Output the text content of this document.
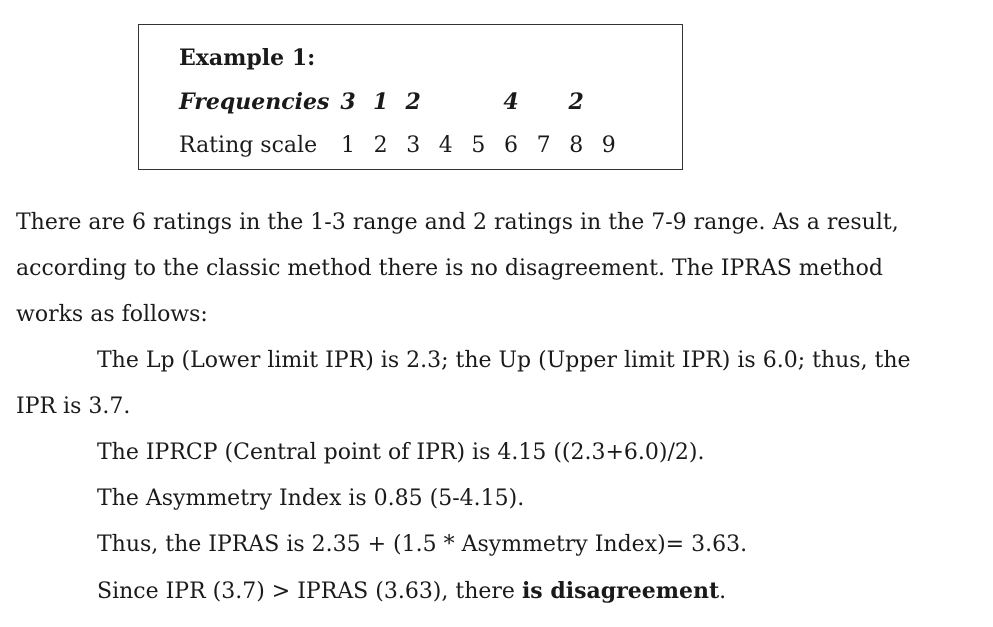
Example 1:
Frequencies
Rating scale 1 2 3 4 5 6 7 8 9
3 1 2	4 2
There are 6 ratings in the 1-3 range and 2 ratings in the 7-9 range. As a result,
according to the classic method there is no disagreement. The IPRAS method
works as follows:
The Lp (Lower limit IPR) is 2.3; the Up (Upper limit IPR) is 6.0; thus, the
IPR is 3.7.
The IPRCP (Central point of IPR) is 4.15 ((2.3+6.0)/2).
The Asymmetry Index is 0.85 (5-4.15).
Thus, the IPRAS is 2.35 + (1.5 * Asymmetry Index)= 3.63.
Since IPR (3.7) > IPRAS (3.63), there is disagreement.
